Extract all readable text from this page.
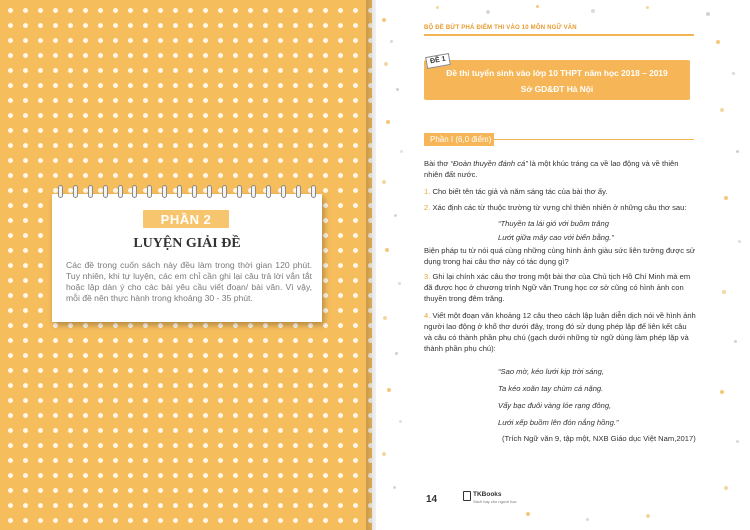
PHẦN 2
LUYỆN GIẢI ĐỀ
Các đề trong cuốn sách này đều làm trong thời gian 120 phút. Tuy nhiên, khi tự luyện, các em chỉ cần ghi lại câu trả lời vắn tắt hoặc lập dàn ý cho các bài yêu cầu viết đoạn/ bài văn. Vì vậy, mỗi đề nên thực hành trong khoảng 30 - 35 phút.
BỘ ĐỀ BỨT PHÁ ĐIỂM THI VÀO 10 MÔN NGỮ VĂN
ĐỀ 1
Đề thi tuyển sinh vào lớp 10 THPT năm học 2018 – 2019
Sở GD&ĐT Hà Nội
Phần I (6,0 điểm)
Bài thơ “Đoàn thuyền đánh cá” là một khúc tráng ca về lao động và về thiên nhiên đất nước.
1. Cho biết tên tác giả và năm sáng tác của bài thơ ấy.
2. Xác định các từ thuộc trường từ vựng chỉ thiên nhiên ở những câu thơ sau:
“Thuyền ta lái gió với buồm trăng
Lướt giữa mây cao với biển bằng.”
Biện pháp tu từ nói quá cùng những cùng hình ảnh giàu sức liên tưởng được sử dụng trong hai câu thơ này có tác dụng gì?
3. Ghi lại chính xác câu thơ trong một bài thơ của Chủ tịch Hồ Chí Minh mà em đã được học ở chương trình Ngữ văn Trung học cơ sở cũng có hình ảnh con thuyền trong đêm trăng.
4. Viết một đoạn văn khoảng 12 câu theo cách lập luận diễn dịch nói về hình ảnh người lao động ở khổ thơ dưới đây, trong đó sử dụng phép lặp để liên kết câu và câu có thành phần phụ chú (gạch dưới những từ ngữ dùng làm phép lặp và thành phần phụ chú):
“Sao mờ, kéo lưới kịp trời sáng,
Ta kéo xoăn tay chùm cá nặng.
Vẩy bạc đuôi vàng lóe rạng đông,
Lưới xếp buồm lên đón nắng hồng.”
(Trích Ngữ văn 9, tập một, NXB Giáo dục Việt Nam,2017)
14	TKBooks
Sách hay cho người học
